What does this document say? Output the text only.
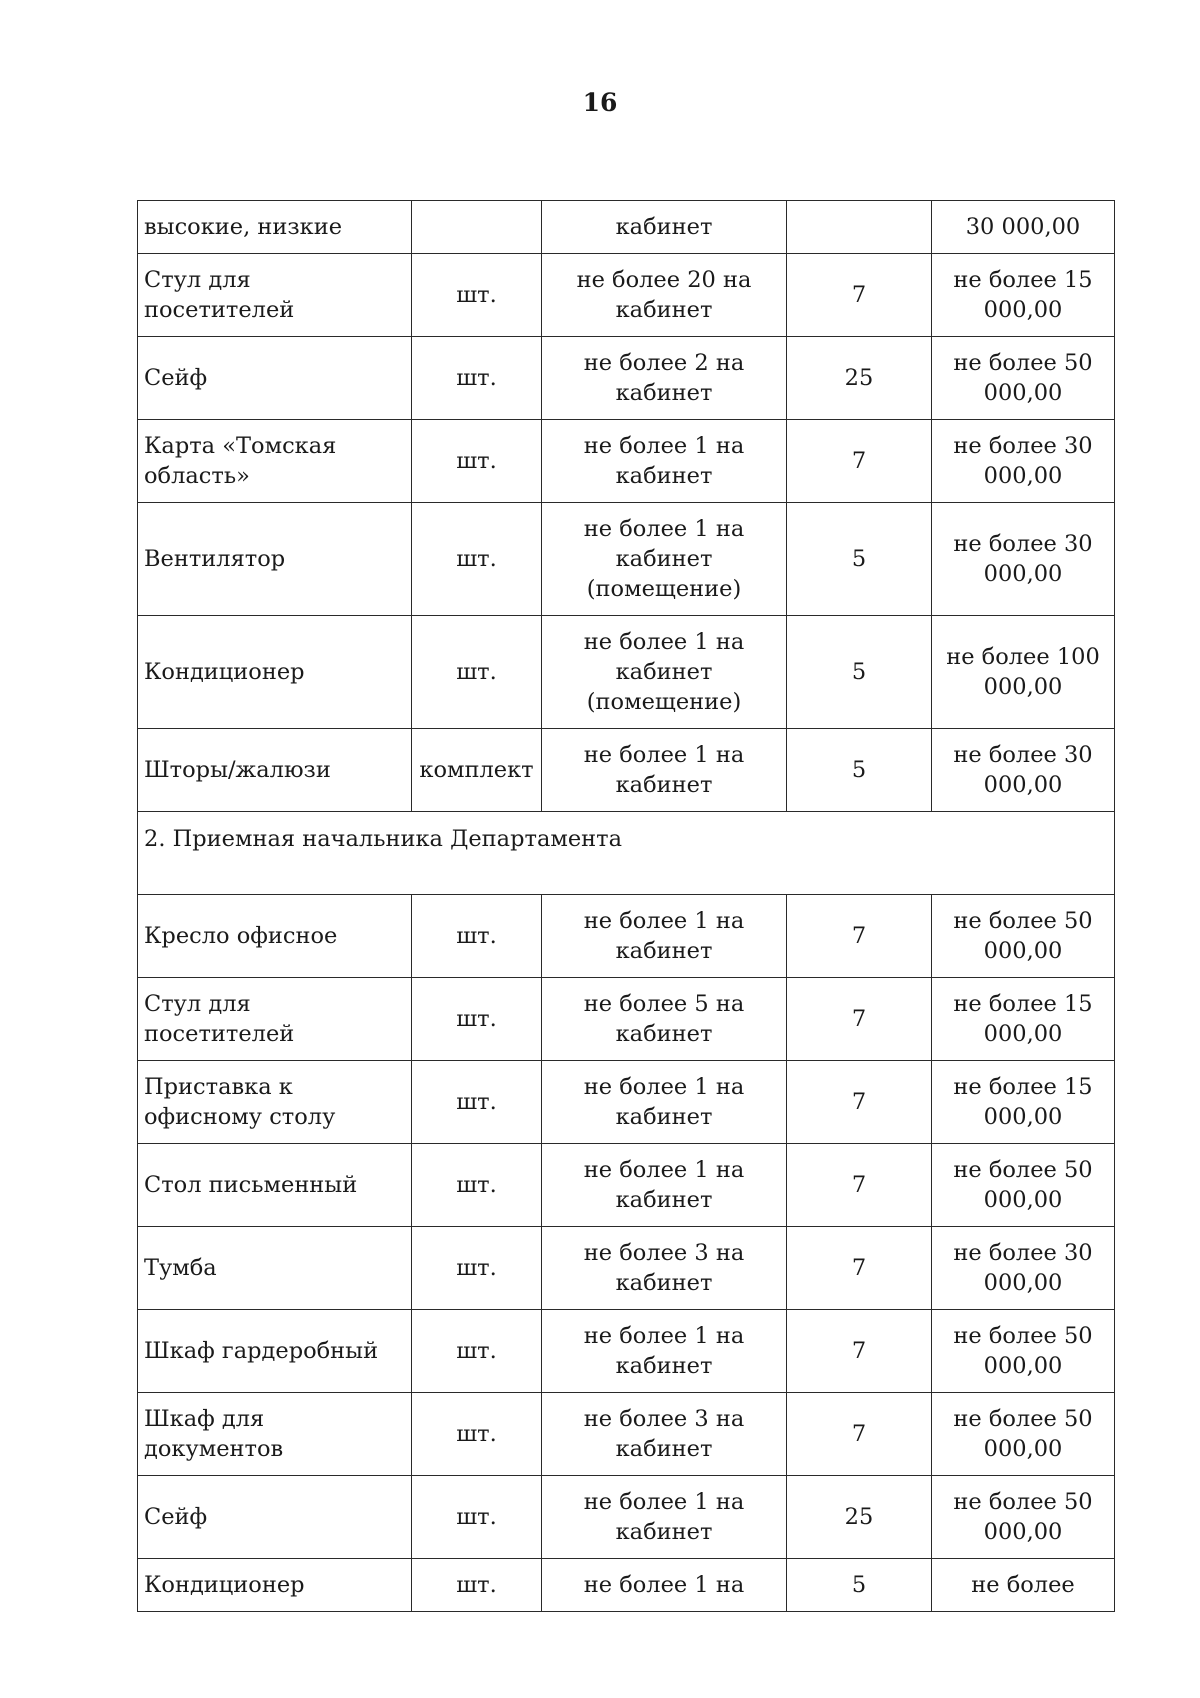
16
высокие, низкие		кабинет		30 000,00
Стул для посетителей	шт.	не более 20 на кабинет	7	не более 15 000,00
Сейф	шт.	не более 2 на кабинет	25	не более 50 000,00
Карта «Томская область»	шт.	не более 1 на кабинет	7	не более 30 000,00
Вентилятор	шт.	не более 1 на кабинет (помещение)	5	не более 30 000,00
Кондиционер	шт.	не более 1 на кабинет (помещение)	5	не более 100 000,00
Шторы/жалюзи	комплект	не более 1 на кабинет	5	не более 30 000,00
2. Приемная начальника Департамента				
Кресло офисное	шт.	не более 1 на кабинет	7	не более 50 000,00
Стул для посетителей	шт.	не более 5 на кабинет	7	не более 15 000,00
Приставка к офисному столу	шт.	не более 1 на кабинет	7	не более 15 000,00
Стол письменный	шт.	не более 1 на кабинет	7	не более 50 000,00
Тумба	шт.	не более 3 на кабинет	7	не более 30 000,00
Шкаф гардеробный	шт.	не более 1 на кабинет	7	не более 50 000,00
Шкаф для документов	шт.	не более 3 на кабинет	7	не более 50 000,00
Сейф	шт.	не более 1 на кабинет	25	не более 50 000,00
Кондиционер	шт.	не более 1 на	5	не более
